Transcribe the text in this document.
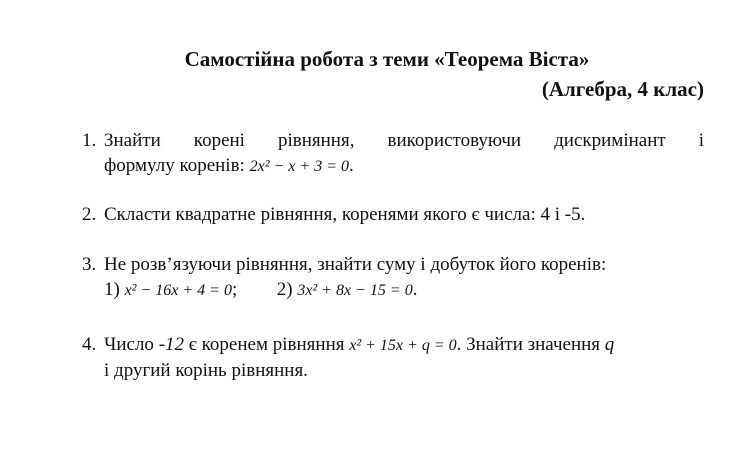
Самостійна робота з теми «Теорема Віста»
(Алгебра, 4 клас)
1. Знайти корені рівняння, використовуючи дискримінант і
формулу коренів: 2x² − x + 3 = 0.
2. Скласти квадратне рівняння, коренями якого є числа: 4 і -5.
3. Не розв’язуючи рівняння, знайти суму і добуток його коренів:
1) x² − 16x + 4 = 0; 2) 3x² + 8x − 15 = 0.
4. Число -12 є коренем рівняння x² + 15x + q = 0. Знайти значення q
і другий корінь рівняння.
